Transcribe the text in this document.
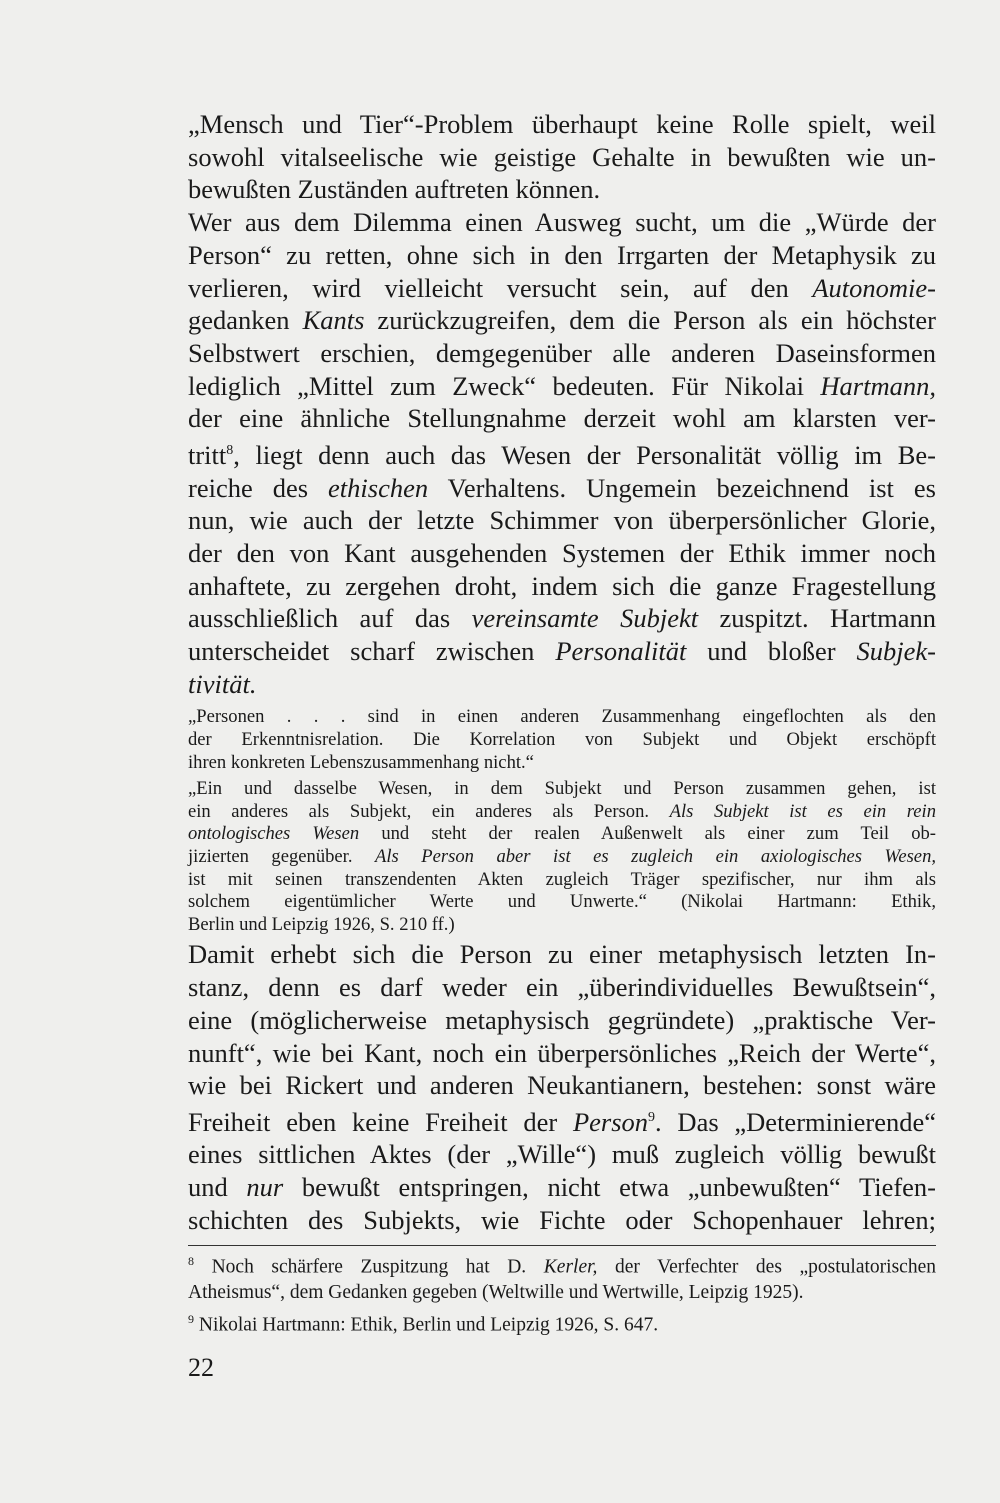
„Mensch und Tier“-Problem überhaupt keine Rolle spielt, weil
sowohl vitalseelische wie geistige Gehalte in bewußten wie un-
bewußten Zuständen auftreten können.
Wer aus dem Dilemma einen Ausweg sucht, um die „Würde der
Person“ zu retten, ohne sich in den Irrgarten der Metaphysik zu
verlieren, wird vielleicht versucht sein, auf den Autonomie-
gedanken Kants zurückzugreifen, dem die Person als ein höchster
Selbstwert erschien, demgegenüber alle anderen Daseinsformen
lediglich „Mittel zum Zweck“ bedeuten. Für Nikolai Hartmann,
der eine ähnliche Stellungnahme derzeit wohl am klarsten ver-
tritt$^8$, liegt denn auch das Wesen der Personalität völlig im Be-
reiche des ethischen Verhaltens. Ungemein bezeichnend ist es
nun, wie auch der letzte Schimmer von überpersönlicher Glorie,
der den von Kant ausgehenden Systemen der Ethik immer noch
anhaftete, zu zergehen droht, indem sich die ganze Fragestellung
ausschließlich auf das vereinsamte Subjekt zuspitzt. Hartmann
unterscheidet scharf zwischen Personalität und bloßer Subjek-
tivität.
„Personen . . . sind in einen anderen Zusammenhang eingeflochten als den
der Erkenntnisrelation. Die Korrelation von Subjekt und Objekt erschöpft
ihren konkreten Lebenszusammenhang nicht.“
„Ein und dasselbe Wesen, in dem Subjekt und Person zusammen gehen, ist
ein anderes als Subjekt, ein anderes als Person. Als Subjekt ist es ein rein
ontologisches Wesen und steht der realen Außenwelt als einer zum Teil ob-
jizierten gegenüber. Als Person aber ist es zugleich ein axiologisches Wesen,
ist mit seinen transzendenten Akten zugleich Träger spezifischer, nur ihm als
solchem eigentümlicher Werte und Unwerte.“ (Nikolai Hartmann: Ethik,
Berlin und Leipzig 1926, S. 210 ff.)
Damit erhebt sich die Person zu einer metaphysisch letzten In-
stanz, denn es darf weder ein „überindividuelles Bewußtsein“,
eine (möglicherweise metaphysisch gegründete) „praktische Ver-
nunft“, wie bei Kant, noch ein überpersönliches „Reich der Werte“,
wie bei Rickert und anderen Neukantianern, bestehen: sonst wäre
Freiheit eben keine Freiheit der Person$^9$. Das „Determinierende“
eines sittlichen Aktes (der „Wille“) muß zugleich völlig bewußt
und nur bewußt entspringen, nicht etwa „unbewußten“ Tiefen-
schichten des Subjekts, wie Fichte oder Schopenhauer lehren;
$^8$ Noch schärfere Zuspitzung hat D. Kerler, der Verfechter des „postulatorischen
Atheismus“, dem Gedanken gegeben (Weltwille und Wertwille, Leipzig 1925).
$^9$ Nikolai Hartmann: Ethik, Berlin und Leipzig 1926, S. 647.
22
